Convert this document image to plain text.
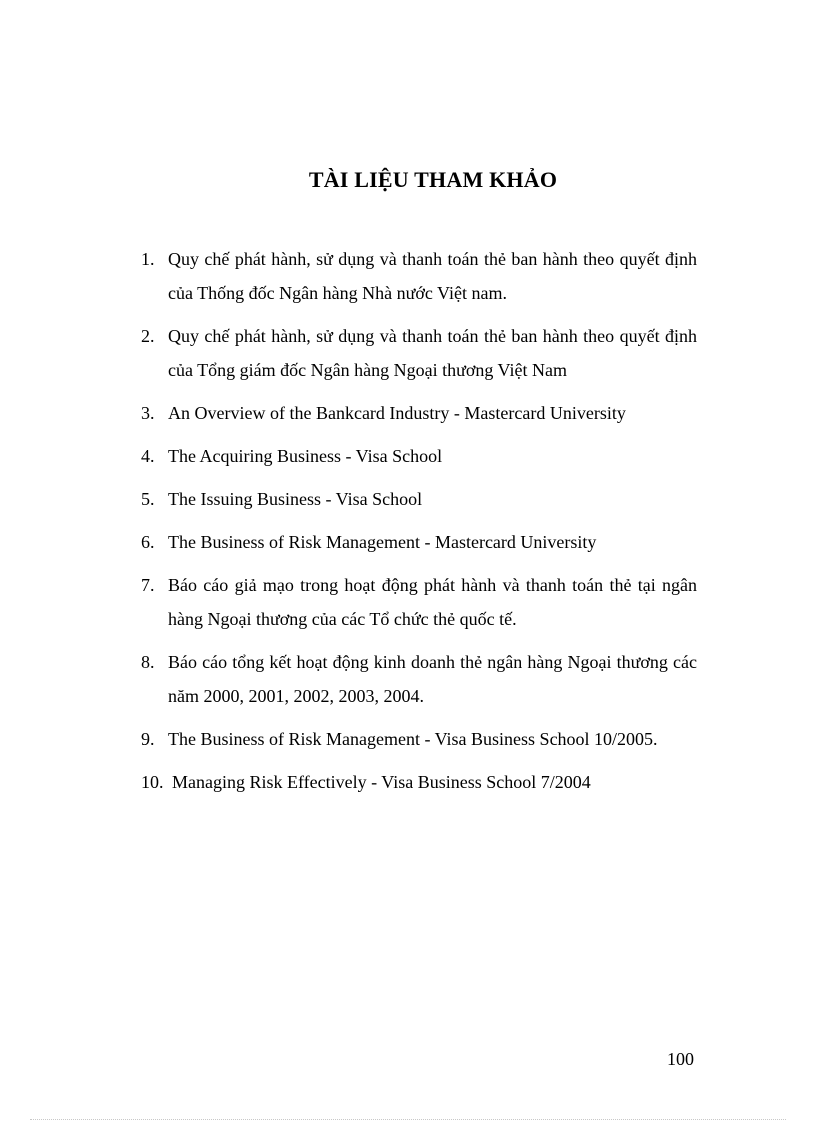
TÀI LIỆU THAM KHẢO
1. Quy chế phát hành, sử dụng và thanh toán thẻ ban hành theo quyết định của Thống đốc Ngân hàng Nhà nước Việt nam.
2. Quy chế phát hành, sử dụng và thanh toán thẻ ban hành theo quyết định của Tổng giám đốc Ngân hàng Ngoại thương Việt Nam
3. An Overview of the Bankcard Industry - Mastercard University
4. The Acquiring Business - Visa School
5. The Issuing Business - Visa School
6. The Business of Risk Management - Mastercard University
7. Báo cáo giả mạo trong hoạt động phát hành và thanh toán thẻ tại ngân hàng Ngoại thương của các Tổ chức thẻ quốc tế.
8. Báo cáo tổng kết hoạt động kinh doanh thẻ ngân hàng Ngoại thương các năm 2000, 2001, 2002, 2003, 2004.
9. The Business of Risk Management - Visa Business School 10/2005.
10. Managing Risk Effectively - Visa Business School 7/2004
100
